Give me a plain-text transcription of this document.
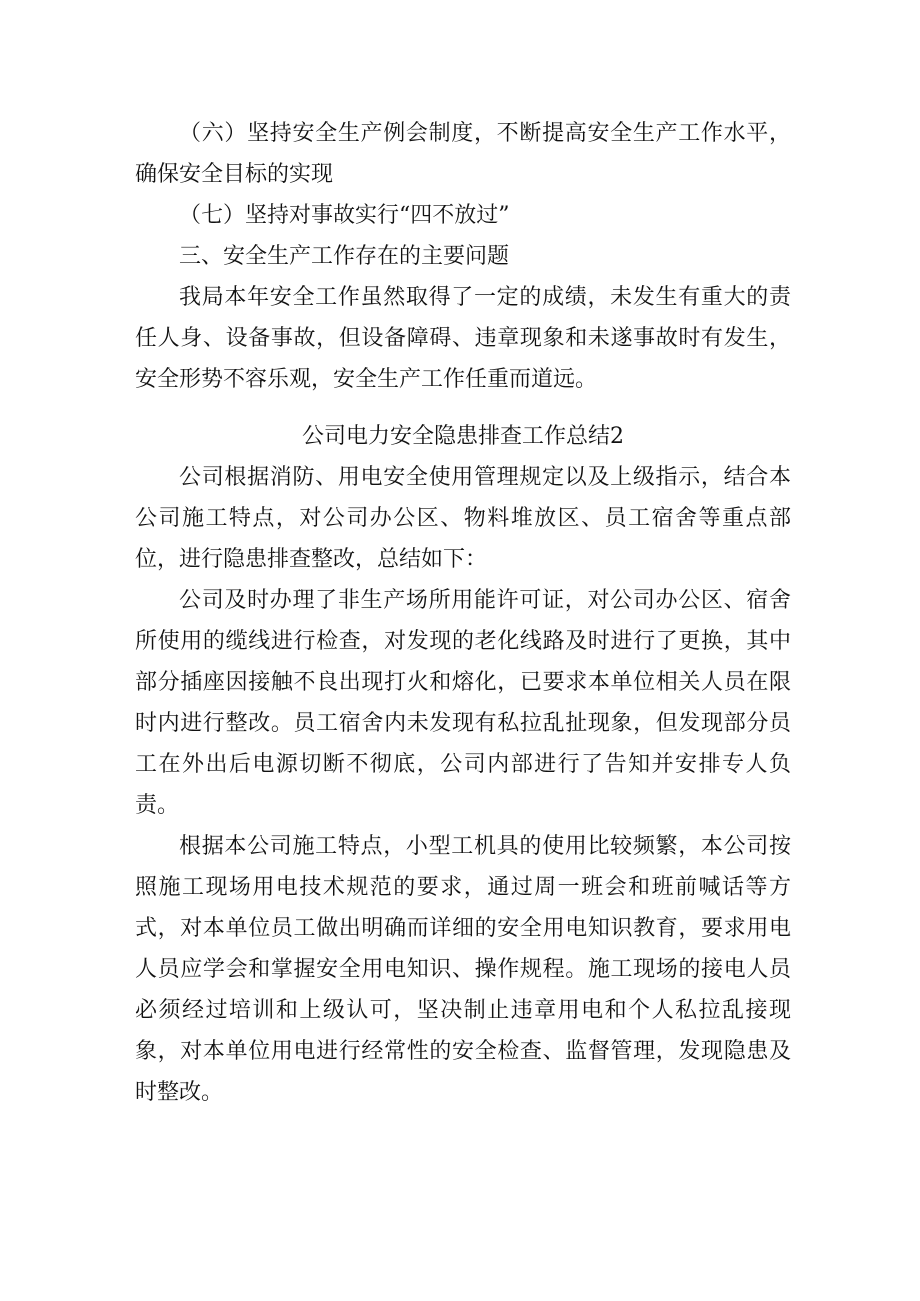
（六）坚持安全生产例会制度，不断提高安全生产工作水平，确保安全目标的实现

（七）坚持对事故实行“四不放过”

三、安全生产工作存在的主要问题

我局本年安全工作虽然取得了一定的成绩，未发生有重大的责任人身、设备事故，但设备障碍、违章现象和未遂事故时有发生，安全形势不容乐观，安全生产工作任重而道远。

公司电力安全隐患排查工作总结2

公司根据消防、用电安全使用管理规定以及上级指示，结合本公司施工特点，对公司办公区、物料堆放区、员工宿舍等重点部位，进行隐患排查整改，总结如下：

公司及时办理了非生产场所用能许可证，对公司办公区、宿舍所使用的缆线进行检查，对发现的老化线路及时进行了更换，其中部分插座因接触不良出现打火和熔化，已要求本单位相关人员在限时内进行整改。员工宿舍内未发现有私拉乱扯现象，但发现部分员工在外出后电源切断不彻底，公司内部进行了告知并安排专人负责。

根据本公司施工特点，小型工机具的使用比较频繁，本公司按照施工现场用电技术规范的要求，通过周一班会和班前喊话等方式，对本单位员工做出明确而详细的安全用电知识教育，要求用电人员应学会和掌握安全用电知识、操作规程。施工现场的接电人员必须经过培训和上级认可，坚决制止违章用电和个人私拉乱接现象，对本单位用电进行经常性的安全检查、监督管理，发现隐患及时整改。
